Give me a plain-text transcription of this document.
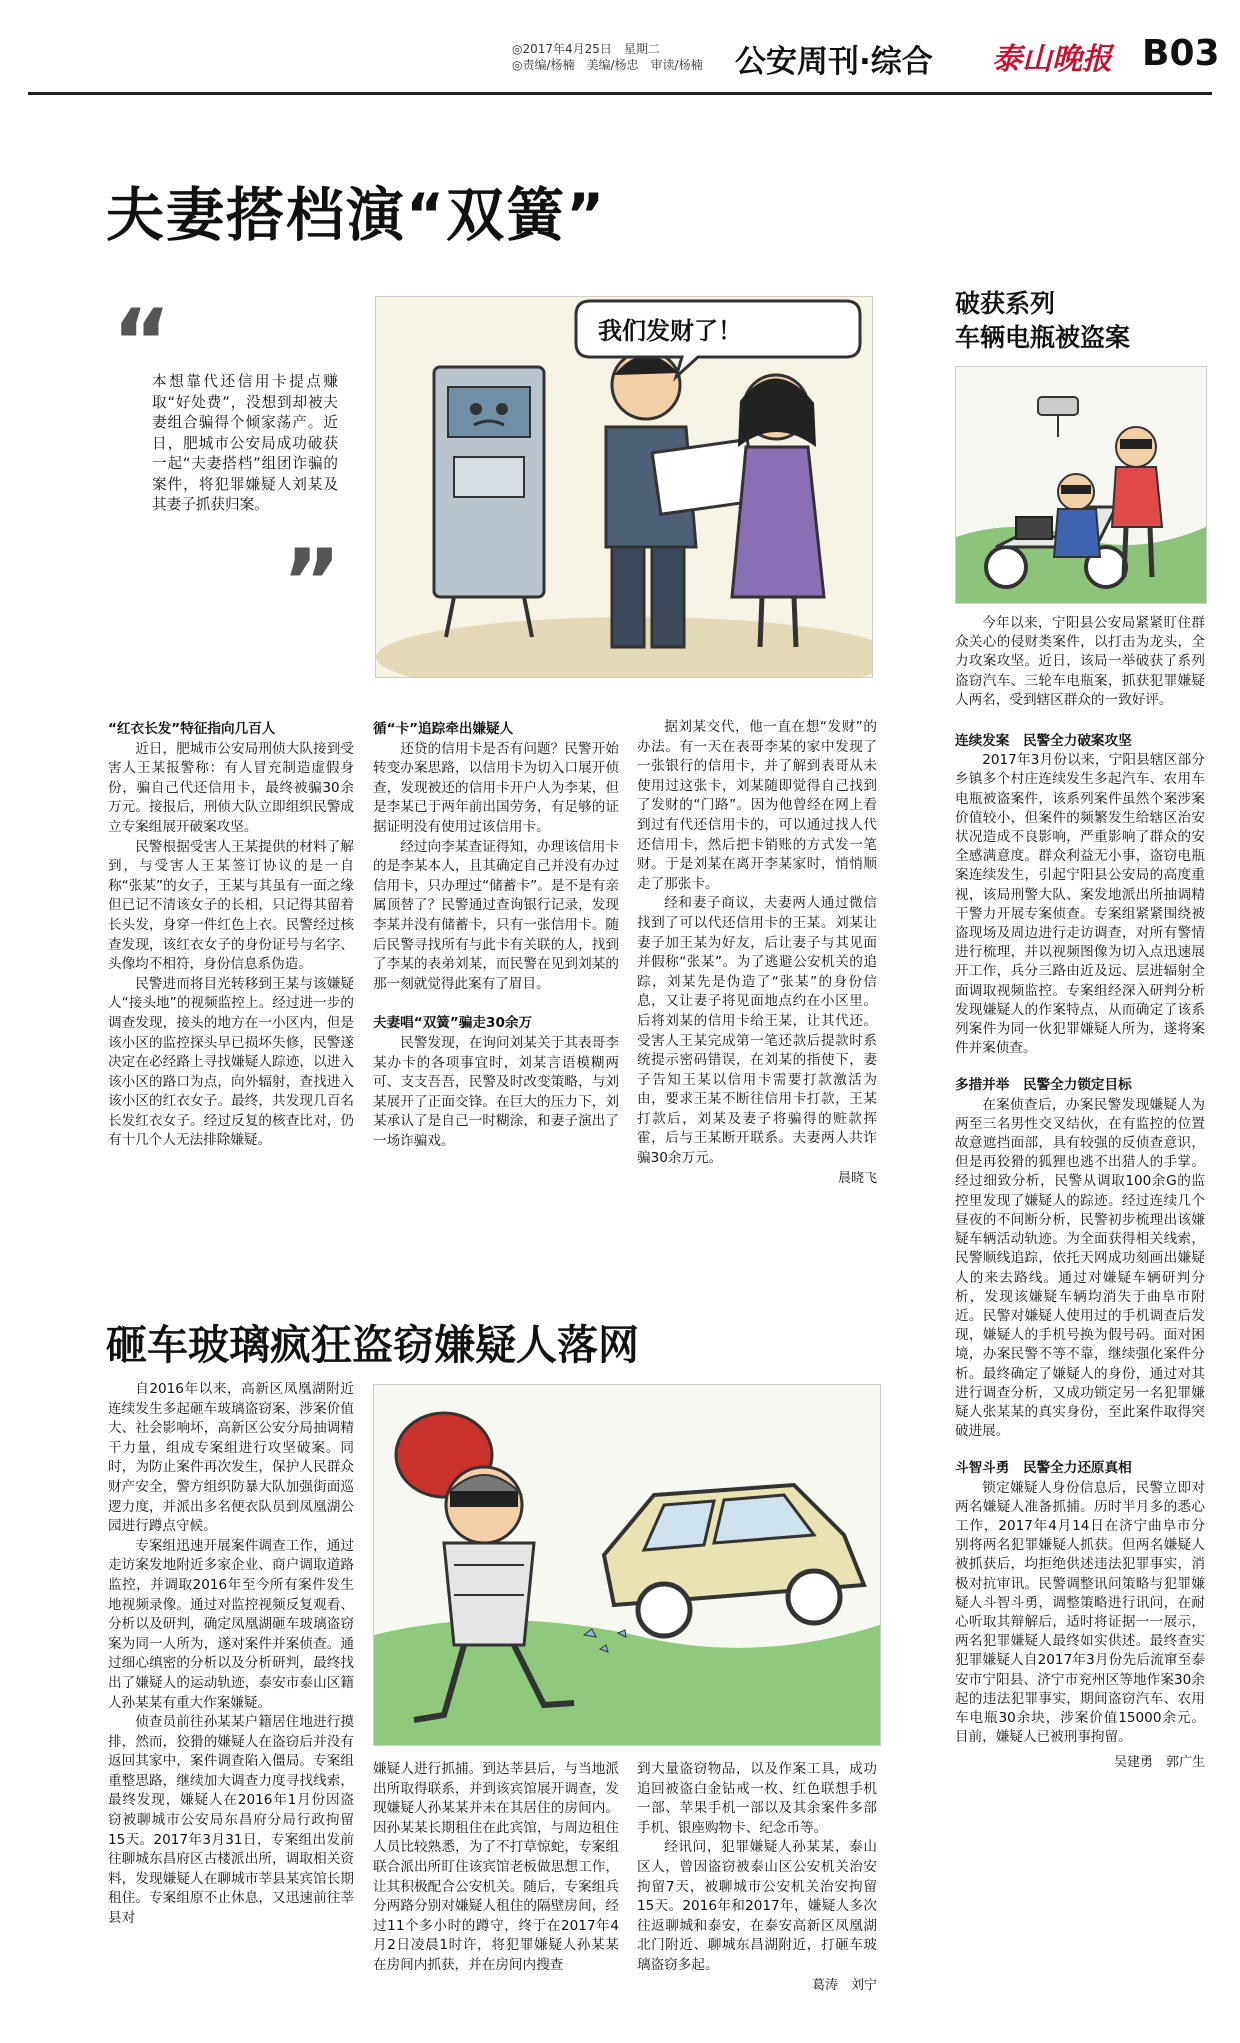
◎2017年4月25日　星期二
◎责编/杨楠　美编/杨忠　审读/杨楠 公安周刊·综合 泰山晚报 B03
夫妻搭档演“双簧”
“
本想靠代还信用卡提点赚取“好处费”，没想到却被夫妻组合骗得个倾家荡产。近日，肥城市公安局成功破获一起“夫妻搭档”组团诈骗的案件，将犯罪嫌疑人刘某及其妻子抓获归案。
”
我们发财了！
“红衣长发”特征指向几百人

近日，肥城市公安局刑侦大队接到受害人王某报警称：有人冒充制造虚假身份，骗自己代还信用卡，最终被骗30余万元。接报后，刑侦大队立即组织民警成立专案组展开破案攻坚。

民警根据受害人王某提供的材料了解到，与受害人王某签订协议的是一自称“张某”的女子，王某与其虽有一面之缘但已记不清该女子的长相，只记得其留着长头发，身穿一件红色上衣。民警经过核查发现，该红衣女子的身份证号与名字、头像均不相符，身份信息系伪造。

民警进而将目光转移到王某与该嫌疑人“接头地”的视频监控上。经过进一步的调查发现，接头的地方在一小区内，但是该小区的监控探头早已损坏失修，民警遂决定在必经路上寻找嫌疑人踪迹，以进入该小区的路口为点，向外辐射，查找进入该小区的红衣女子。最终，共发现几百名长发红衣女子。经过反复的核查比对，仍有十几个人无法排除嫌疑。

循“卡”追踪牵出嫌疑人

还贷的信用卡是否有问题？民警开始转变办案思路，以信用卡为切入口展开侦查，发现被还的信用卡开户人为李某，但是李某已于两年前出国劳务，有足够的证据证明没有使用过该信用卡。

经过向李某查证得知，办理该信用卡的是李某本人，且其确定自己并没有办过信用卡，只办理过“储蓄卡”。是不是有亲属顶替了？民警通过查询银行记录，发现李某并没有储蓄卡，只有一张信用卡。随后民警寻找所有与此卡有关联的人，找到了李某的表弟刘某，而民警在见到刘某的那一刻就觉得此案有了眉目。

夫妻唱“双簧”骗走30余万

民警发现，在询问刘某关于其表哥李某办卡的各项事宜时，刘某言语模糊两可、支支吾吾，民警及时改变策略，与刘某展开了正面交锋。在巨大的压力下，刘某承认了是自己一时糊涂，和妻子演出了一场诈骗戏。

据刘某交代，他一直在想“发财”的办法。有一天在表哥李某的家中发现了一张银行的信用卡，并了解到表哥从未使用过这张卡，刘某随即觉得自己找到了发财的“门路”。因为他曾经在网上看到过有代还信用卡的，可以通过找人代还信用卡，然后把卡销账的方式发一笔财。于是刘某在离开李某家时，悄悄顺走了那张卡。

经和妻子商议，夫妻两人通过微信找到了可以代还信用卡的王某。刘某让妻子加王某为好友，后让妻子与其见面并假称“张某”。为了逃避公安机关的追踪，刘某先是伪造了“张某”的身份信息，又让妻子将见面地点约在小区里。后将刘某的信用卡给王某，让其代还。受害人王某完成第一笔还款后提款时系统提示密码错误，在刘某的指使下，妻子告知王某以信用卡需要打款激活为由，要求王某不断往信用卡打款，王某打款后，刘某及妻子将骗得的赃款挥霍，后与王某断开联系。夫妻两人共诈骗30余万元。

晨晓飞
破获系列
车辆电瓶被盗案

今年以来，宁阳县公安局紧紧盯住群众关心的侵财类案件，以打击为龙头，全力攻案攻坚。近日，该局一举破获了系列盗窃汽车、三轮车电瓶案，抓获犯罪嫌疑人两名，受到辖区群众的一致好评。

连续发案　民警全力破案攻坚

2017年3月份以来，宁阳县辖区部分乡镇多个村庄连续发生多起汽车、农用车电瓶被盗案件，该系列案件虽然个案涉案价值较小，但案件的频繁发生给辖区治安状况造成不良影响，严重影响了群众的安全感满意度。群众利益无小事，盗窃电瓶案连续发生，引起宁阳县公安局的高度重视，该局刑警大队、案发地派出所抽调精干警力开展专案侦查。专案组紧紧围绕被盗现场及周边进行走访调查，对所有警情进行梳理，并以视频图像为切入点迅速展开工作，兵分三路由近及远、层进辐射全面调取视频监控。专案组经深入研判分析发现嫌疑人的作案特点，从而确定了该系列案件为同一伙犯罪嫌疑人所为，遂将案件并案侦查。

多措并举　民警全力锁定目标

在案侦查后，办案民警发现嫌疑人为两至三名男性交叉结伙，在有监控的位置故意遮挡面部，具有较强的反侦查意识，但是再狡猾的狐狸也逃不出猎人的手掌。经过细致分析，民警从调取100余G的监控里发现了嫌疑人的踪迹。经过连续几个昼夜的不间断分析，民警初步梳理出该嫌疑车辆活动轨迹。为全面获得相关线索，民警顺线追踪，依托天网成功刻画出嫌疑人的来去路线。通过对嫌疑车辆研判分析，发现该嫌疑车辆均消失于曲阜市附近。民警对嫌疑人使用过的手机调查后发现，嫌疑人的手机号换为假号码。面对困境，办案民警不等不靠，继续强化案件分析。最终确定了嫌疑人的身份，通过对其进行调查分析，又成功锁定另一名犯罪嫌疑人张某某的真实身份，至此案件取得突破进展。

斗智斗勇　民警全力还原真相

锁定嫌疑人身份信息后，民警立即对两名嫌疑人准备抓捕。历时半月多的悉心工作，2017年4月14日在济宁曲阜市分别将两名犯罪嫌疑人抓获。但两名嫌疑人被抓获后，均拒绝供述违法犯罪事实，消极对抗审讯。民警调整讯问策略与犯罪嫌疑人斗智斗勇，调整策略进行讯问，在耐心听取其辩解后，适时将证据一一展示，两名犯罪嫌疑人最终如实供述。最终查实犯罪嫌疑人自2017年3月份先后流窜至泰安市宁阳县、济宁市兖州区等地作案30余起的违法犯罪事实，期间盗窃汽车、农用车电瓶30余块，涉案价值15000余元。目前，嫌疑人已被刑事拘留。

吴建勇　郭广生
砸车玻璃疯狂盗窃嫌疑人落网

自2016年以来，高新区凤凰湖附近连续发生多起砸车玻璃盗窃案，涉案价值大、社会影响坏，高新区公安分局抽调精干力量，组成专案组进行攻坚破案。同时，为防止案件再次发生，保护人民群众财产安全，警方组织防暴大队加强街面巡逻力度，并派出多名便衣队员到凤凰湖公园进行蹲点守候。

专案组迅速开展案件调查工作，通过走访案发地附近多家企业、商户调取道路监控，并调取2016年至今所有案件发生地视频录像。通过对监控视频反复观看、分析以及研判，确定凤凰湖砸车玻璃盗窃案为同一人所为，遂对案件并案侦查。通过细心缜密的分析以及分析研判，最终找出了嫌疑人的运动轨迹，泰安市泰山区籍人孙某某有重大作案嫌疑。

侦查员前往孙某某户籍居住地进行摸排，然而，狡猾的嫌疑人在盗窃后并没有返回其家中，案件调查陷入僵局。专案组重整思路，继续加大调查力度寻找线索，最终发现，嫌疑人在2016年1月份因盗窃被聊城市公安局东昌府分局行政拘留15天。2017年3月31日，专案组出发前往聊城东昌府区古楼派出所，调取相关资料，发现嫌疑人在聊城市莘县某宾馆长期租住。专案组原不止休息，又迅速前往莘县对

嫌疑人进行抓捕。到达莘县后，与当地派出所取得联系，并到该宾馆展开调查，发现嫌疑人孙某某并未在其居住的房间内。因孙某某长期租住在此宾馆，与周边租住人员比较熟悉，为了不打草惊蛇，专案组联合派出所盯住该宾馆老板做思想工作，让其积极配合公安机关。随后，专案组兵分两路分别对嫌疑人租住的隔壁房间，经过11个多小时的蹲守，终于在2017年4月2日凌晨1时许，将犯罪嫌疑人孙某某在房间内抓获，并在房间内搜查

到大量盗窃物品，以及作案工具，成功追回被盗白金钻戒一枚、红色联想手机一部、苹果手机一部以及其余案件多部手机、银座购物卡、纪念币等。

经讯问，犯罪嫌疑人孙某某，泰山区人，曾因盗窃被泰山区公安机关治安拘留7天，被聊城市公安机关治安拘留15天。2016年和2017年，嫌疑人多次往返聊城和泰安，在泰安高新区凤凰湖北门附近、聊城东昌湖附近，打砸车玻璃盗窃多起。

葛涛　刘宁
